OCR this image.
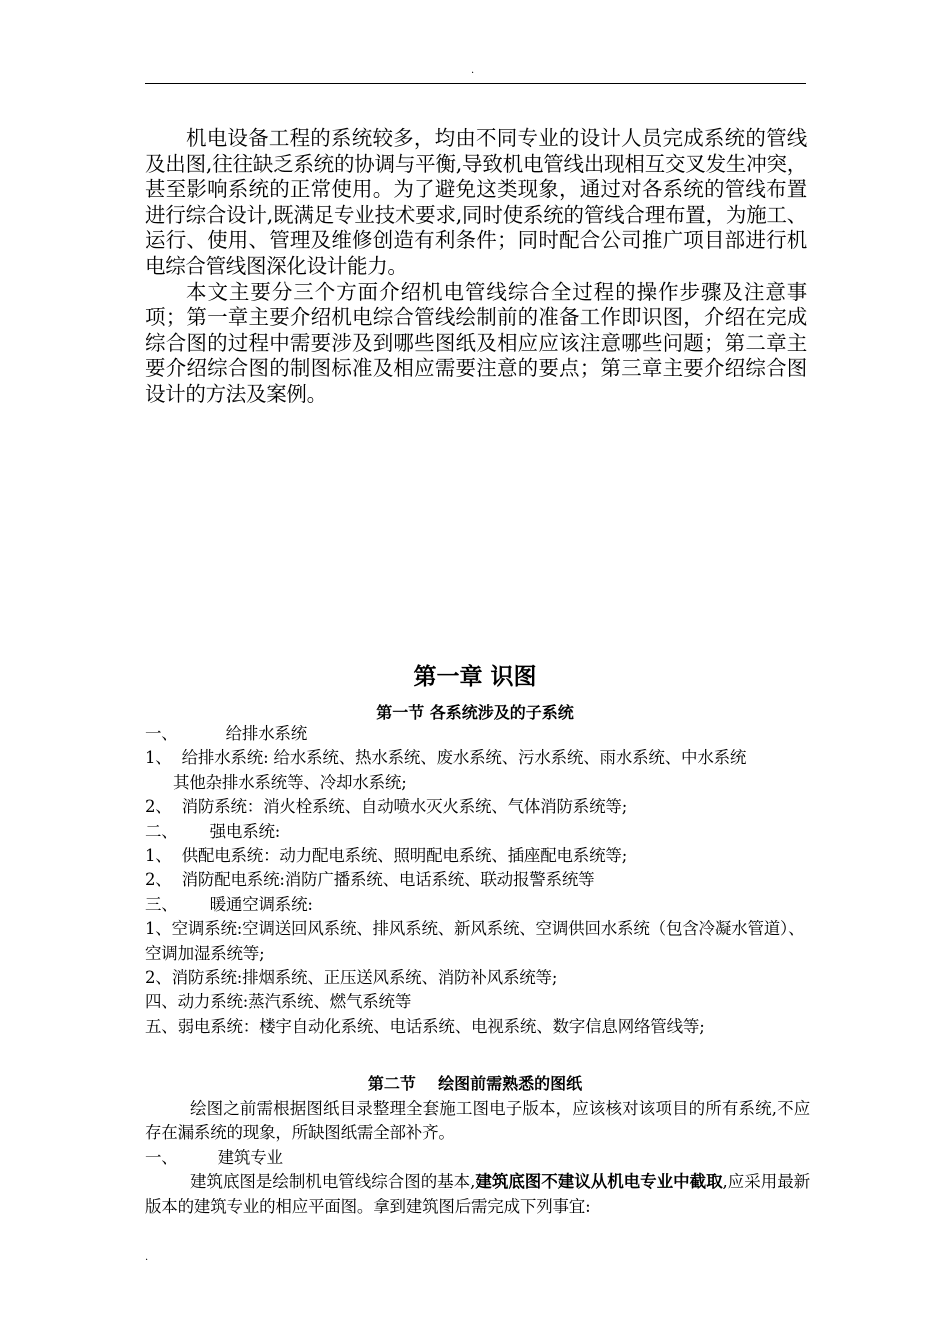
.

机电设备工程的系统较多，均由不同专业的设计人员完成系统的管线及出图,往往缺乏系统的协调与平衡,导致机电管线出现相互交叉发生冲突，甚至影响系统的正常使用。为了避免这类现象，通过对各系统的管线布置进行综合设计,既满足专业技术要求,同时使系统的管线合理布置，为施工、运行、使用、管理及维修创造有利条件；同时配合公司推广项目部进行机电综合管线图深化设计能力。

本文主要分三个方面介绍机电管线综合全过程的操作步骤及注意事项；第一章主要介绍机电综合管线绘制前的准备工作即识图，介绍在完成综合图的过程中需要涉及到哪些图纸及相应应该注意哪些问题；第二章主要介绍综合图的制图标准及相应需要注意的要点；第三章主要介绍综合图设计的方法及案例。

第一章 识图
第一节 各系统涉及的子系统
一、	给排水系统
1、 给排水系统: 给水系统、热水系统、废水系统、污水系统、雨水系统、中水系统
其他杂排水系统等、冷却水系统;
2、 消防系统：消火栓系统、自动喷水灭火系统、气体消防系统等;
二、 强电系统:
1、 供配电系统：动力配电系统、照明配电系统、插座配电系统等;
2、 消防配电系统:消防广播系统、电话系统、联动报警系统等
三、 暖通空调系统:
1、空调系统:空调送回风系统、排风系统、新风系统、空调供回水系统（包含冷凝水管道）、空调加湿系统等;
2、消防系统:排烟系统、正压送风系统、消防补风系统等;
四、动力系统:蒸汽系统、燃气系统等
五、弱电系统：楼宇自动化系统、电话系统、电视系统、数字信息网络管线等;
第二节    绘图前需熟悉的图纸
绘图之前需根据图纸目录整理全套施工图电子版本，应该核对该项目的所有系统,不应存在漏系统的现象，所缺图纸需全部补齐。
一、 建筑专业
建筑底图是绘制机电管线综合图的基本,建筑底图不建议从机电专业中截取,应采用最新版本的建筑专业的相应平面图。拿到建筑图后需完成下列事宜:
.
